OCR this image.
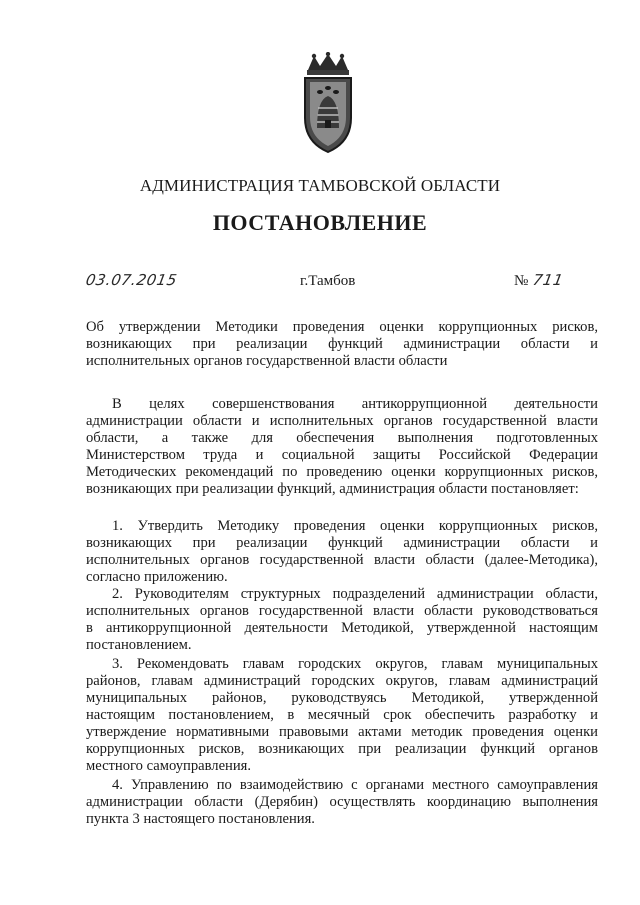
АДМИНИСТРАЦИЯ ТАМБОВСКОЙ ОБЛАСТИ
ПОСТАНОВЛЕНИЕ
03.07.2015	г.Тамбов	№ 711
Об утверждении Методики проведения оценки коррупционных рисков,
возникающих при реализации функций администрации области и
исполнительных органов государственной власти области
В целях совершенствования антикоррупционной деятельности
администрации области и исполнительных органов государственной власти
области, а также для обеспечения выполнения подготовленных
Министерством труда и социальной защиты Российской Федерации
Методических рекомендаций по проведению оценки коррупционных рисков,
возникающих при реализации функций, администрация области постановляет:
1. Утвердить Методику проведения оценки коррупционных рисков,
возникающих при реализации функций администрации области и
исполнительных органов государственной власти области (далее-Методика),
согласно приложению.
2. Руководителям структурных подразделений администрации области,
исполнительных органов государственной власти области руководствоваться
в антикоррупционной деятельности Методикой, утвержденной настоящим
постановлением.
3. Рекомендовать главам городских округов, главам муниципальных
районов, главам администраций городских округов, главам администраций
муниципальных районов, руководствуясь Методикой, утвержденной
настоящим постановлением, в месячный срок обеспечить разработку и
утверждение нормативными правовыми актами методик проведения оценки
коррупционных рисков, возникающих при реализации функций органов
местного самоуправления.
4. Управлению по взаимодействию с органами местного самоуправления
администрации области (Дерябин) осуществлять координацию выполнения
пункта 3 настоящего постановления.
